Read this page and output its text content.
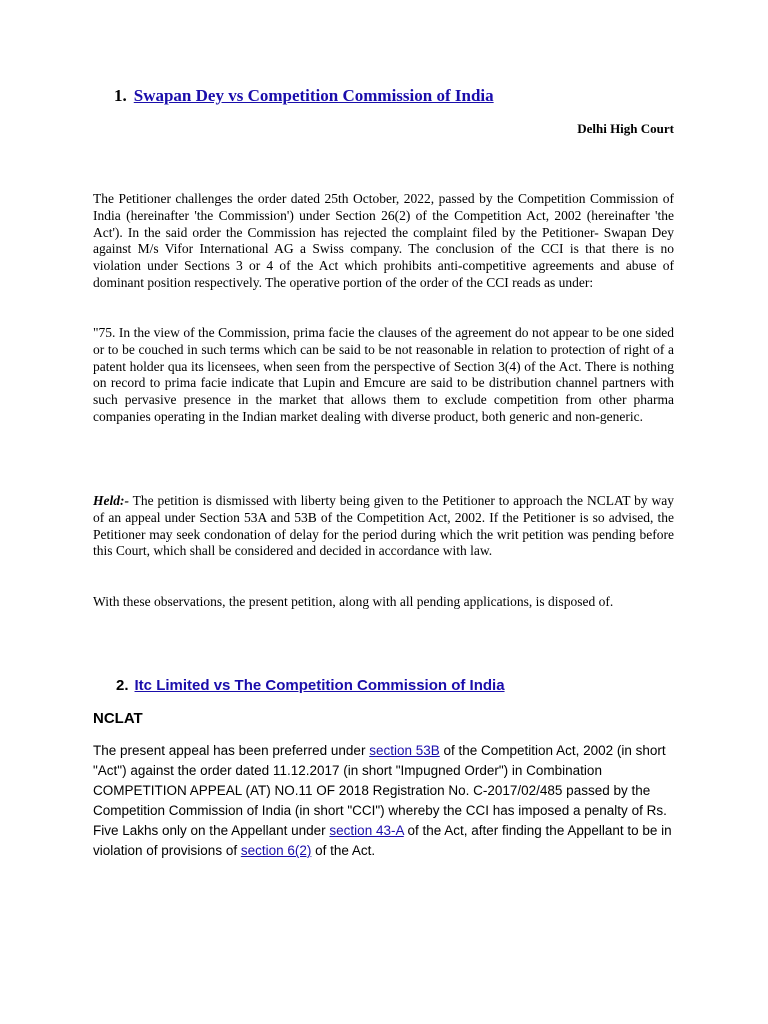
1. Swapan Dey vs Competition Commission of India
Delhi High Court
The Petitioner challenges the order dated 25th October, 2022, passed by the Competition Commission of India (hereinafter 'the Commission') under Section 26(2) of the Competition Act, 2002 (hereinafter 'the Act'). In the said order the Commission has rejected the complaint filed by the Petitioner- Swapan Dey against M/s Vifor International AG a Swiss company. The conclusion of the CCI is that there is no violation under Sections 3 or 4 of the Act which prohibits anti-competitive agreements and abuse of dominant position respectively. The operative portion of the order of the CCI reads as under:
"75. In the view of the Commission, prima facie the clauses of the agreement do not appear to be one sided or to be couched in such terms which can be said to be not reasonable in relation to protection of right of a patent holder qua its licensees, when seen from the perspective of Section 3(4) of the Act. There is nothing on record to prima facie indicate that Lupin and Emcure are said to be distribution channel partners with such pervasive presence in the market that allows them to exclude competition from other pharma companies operating in the Indian market dealing with diverse product, both generic and non-generic.
Held:- The petition is dismissed with liberty being given to the Petitioner to approach the NCLAT by way of an appeal under Section 53A and 53B of the Competition Act, 2002. If the Petitioner is so advised, the Petitioner may seek condonation of delay for the period during which the writ petition was pending before this Court, which shall be considered and decided in accordance with law.
With these observations, the present petition, along with all pending applications, is disposed of.
2. Itc Limited vs The Competition Commission of India
NCLAT
The present appeal has been preferred under section 53B of the Competition Act, 2002 (in short "Act") against the order dated 11.12.2017 (in short "Impugned Order") in Combination COMPETITION APPEAL (AT) NO.11 OF 2018 Registration No. C-2017/02/485 passed by the Competition Commission of India (in short "CCI") whereby the CCI has imposed a penalty of Rs. Five Lakhs only on the Appellant under section 43-A of the Act, after finding the Appellant to be in violation of provisions of section 6(2) of the Act.
